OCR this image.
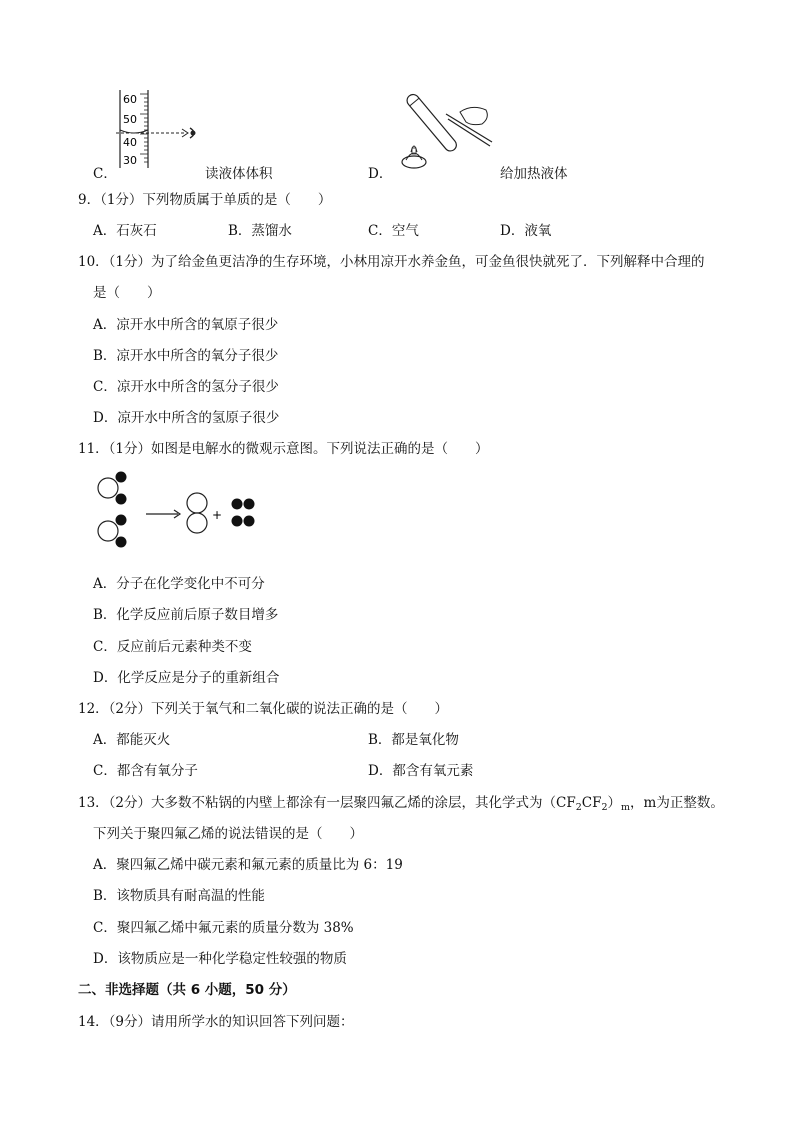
60
50
40
30
C．	读液体体积	D．	给加热液体
9．（1分）下列物质属于单质的是（　　）
A．石灰石	B．蒸馏水	C．空气	D．液氧
10．（1分）为了给金鱼更洁净的生存环境，小林用凉开水养金鱼，可金鱼很快就死了．下列解释中合理的
是（　　）
A．凉开水中所含的氧原子很少
B．凉开水中所含的氧分子很少
C．凉开水中所含的氢分子很少
D．凉开水中所含的氢原子很少
11．（1分）如图是电解水的微观示意图。下列说法正确的是（　　）
+
A．分子在化学变化中不可分
B．化学反应前后原子数目增多
C．反应前后元素种类不变
D．化学反应是分子的重新组合
12．（2分）下列关于氧气和二氧化碳的说法正确的是（　　）
A．都能灭火	B．都是氧化物
C．都含有氧分子	D．都含有氧元素
13．（2分）大多数不粘锅的内壁上都涂有一层聚四氟乙烯的涂层，其化学式为$(CF_2CF_2)_m$，m为正整数。
下列关于聚四氟乙烯的说法错误的是（　　）
A．聚四氟乙烯中碳元素和氟元素的质量比为 6：19
B．该物质具有耐高温的性能
C．聚四氟乙烯中氟元素的质量分数为 38%
D．该物质应是一种化学稳定性较强的物质
二、非选择题（共 6 小题，50 分）
14．（9分）请用所学水的知识回答下列问题：
